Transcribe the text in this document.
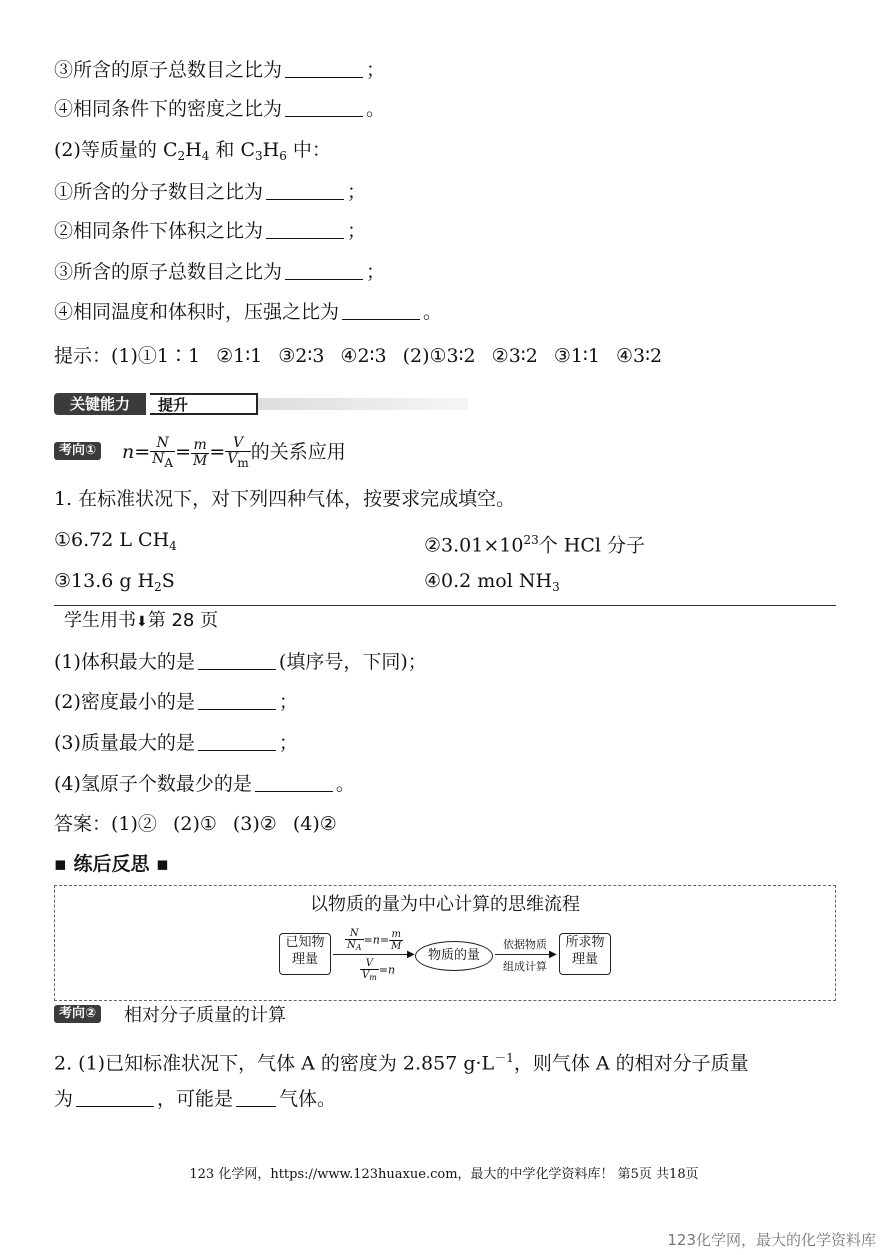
③所含的原子总数目之比为	；
④相同条件下的密度之比为	。
(2)等质量的 $C_2H_4$ 和 $C_3H_6$ 中：
①所含的分子数目之比为	；
②相同条件下体积之比为	；
③所含的原子总数目之比为	；
④相同温度和体积时，压强之比为	。
提示：(1)①1∶1 ②1∶1 ③2∶3 ④2∶3 (2)①3∶2 ②3∶2 ③1∶1 ④3∶2
关键能力	提升
考向① $n= \frac{N}{N_A} = \frac{m}{M} = \frac{V}{V_m}$ 的关系应用
1. 在标准状况下，对下列四种气体，按要求完成填空。
①6.72 L $CH_4$	$②3.01\times 10^{23}$个 HCl 分子
③13.6 g $H_2S$	④0.2 mol $NH_3$
学生用书⬇第 28 页
(1)体积最大的是	(填序号，下同)；
(2)密度最小的是	；
(3)质量最大的是	；
(4)氢原子个数最少的是	。
答案：(1)② (2)① (3)② (4)②
▪ 练后反思 ▪
以物质的量为中心计算的思维流程
已知物
理量
$\frac{N}{N_A} =n= \frac{m}{M}$
▶
$\frac{V}{V_m} =n$
物质的量
依据物质
▶
组成计算
所求物
理量
考向② 相对分子质量的计算
2. (1)已知标准状况下，气体 A 的密度为 2.857 $g\cdot L^{-1}$，则气体 A 的相对分子质量
为	，可能是 气体。
123 化学网，https://www.123huaxue.com，最大的中学化学资料库！ 第5页 共18页
123化学网，最大的化学资料库
